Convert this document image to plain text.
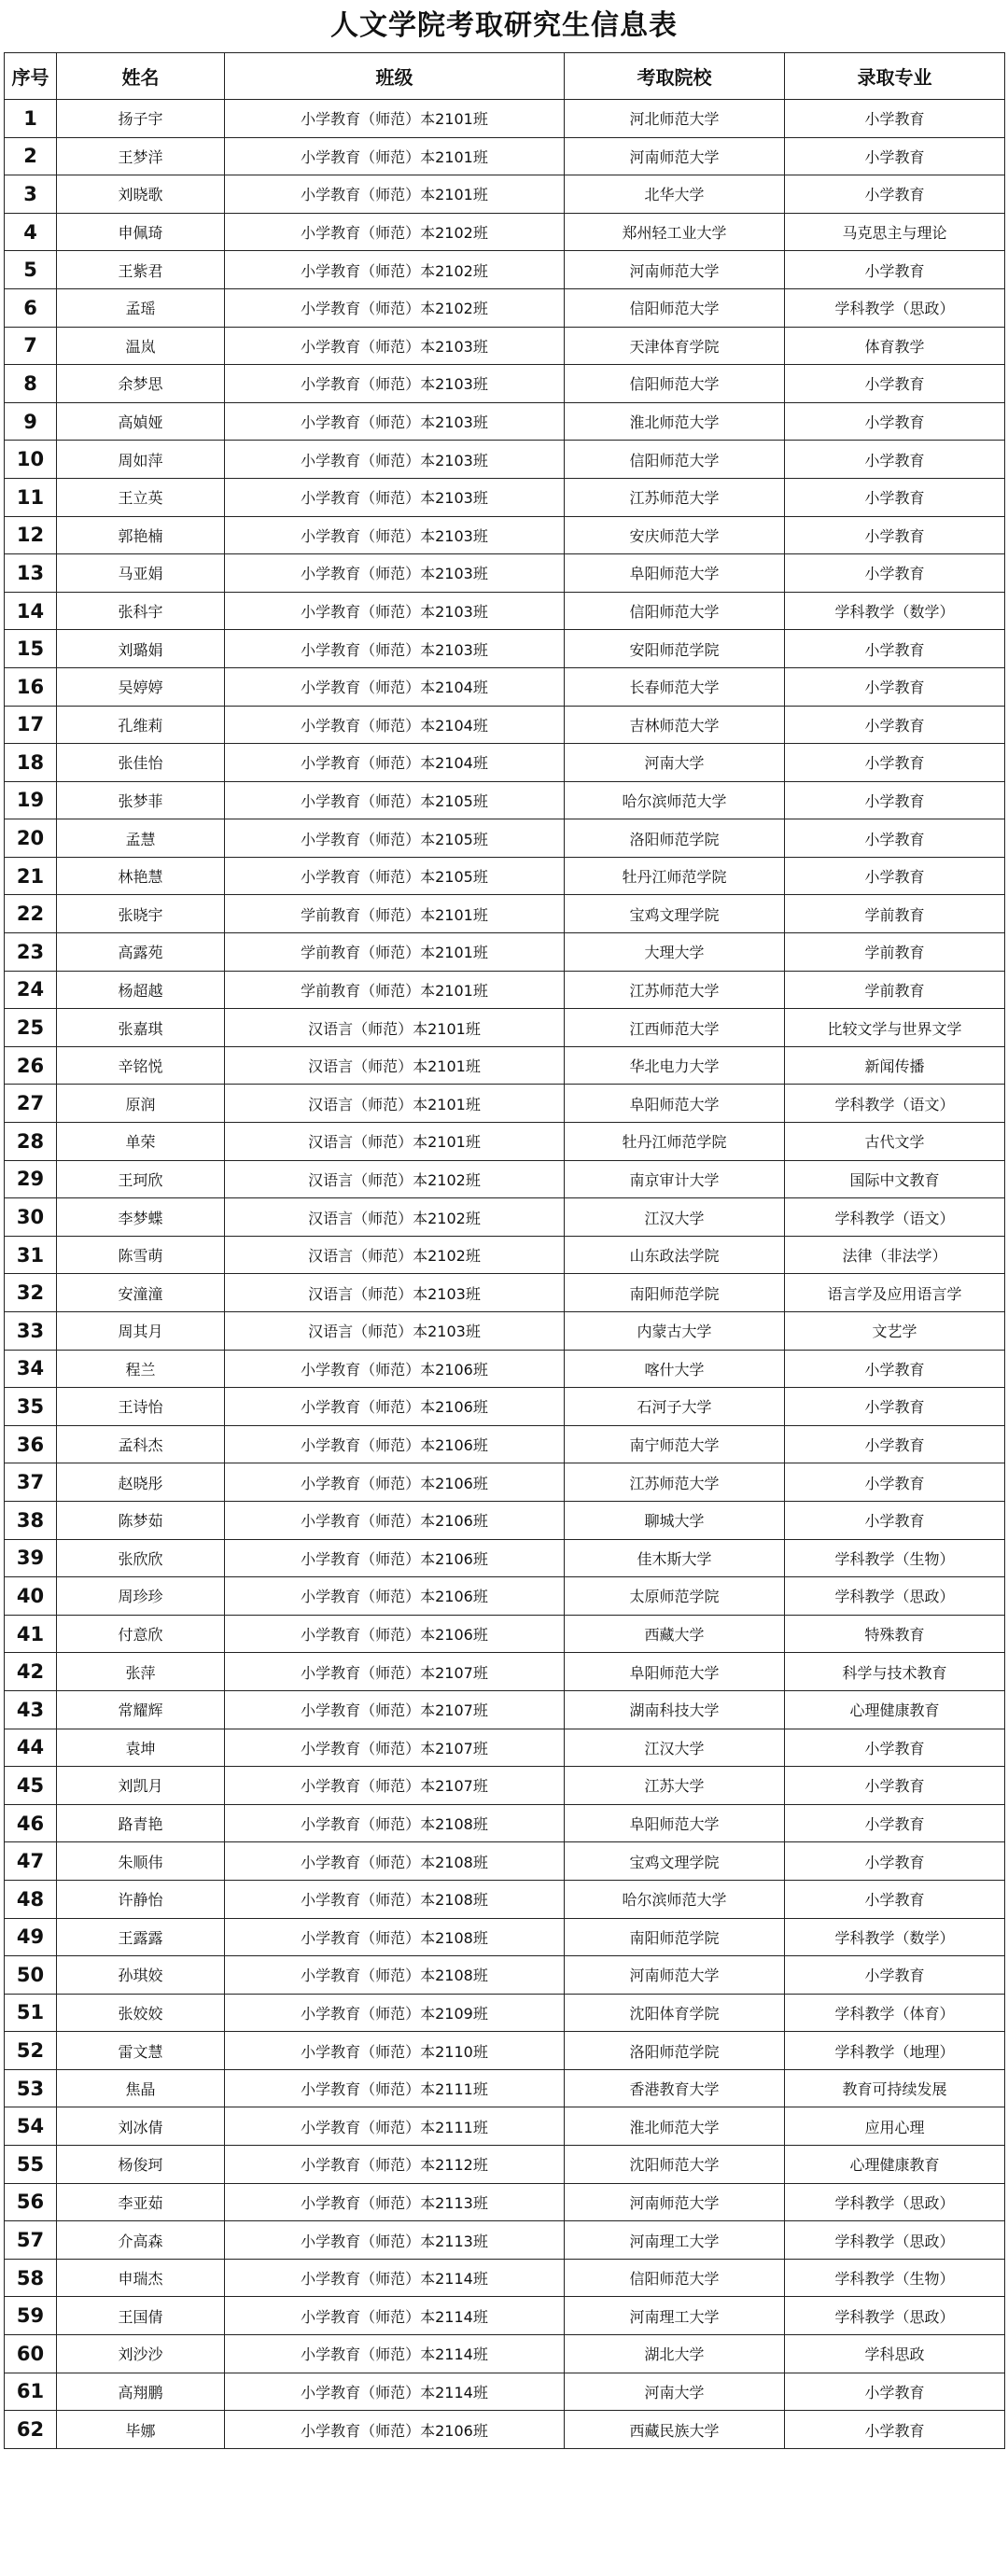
人文学院考取研究生信息表
序号	姓名	班级	考取院校	录取专业
1	扬子宇	小学教育（师范）本2101班	河北师范大学	小学教育
2	王梦洋	小学教育（师范）本2101班	河南师范大学	小学教育
3	刘晓歌	小学教育（师范）本2101班	北华大学	小学教育
4	申佩琦	小学教育（师范）本2102班	郑州轻工业大学	马克思主与理论
5	王紫君	小学教育（师范）本2102班	河南师范大学	小学教育
6	孟瑶	小学教育（师范）本2102班	信阳师范大学	学科教学（思政）
7	温岚	小学教育（师范）本2103班	天津体育学院	体育教学
8	余梦思	小学教育（师范）本2103班	信阳师范大学	小学教育
9	高媜娅	小学教育（师范）本2103班	淮北师范大学	小学教育
10	周如萍	小学教育（师范）本2103班	信阳师范大学	小学教育
11	王立英	小学教育（师范）本2103班	江苏师范大学	小学教育
12	郭艳楠	小学教育（师范）本2103班	安庆师范大学	小学教育
13	马亚娟	小学教育（师范）本2103班	阜阳师范大学	小学教育
14	张科宇	小学教育（师范）本2103班	信阳师范大学	学科教学（数学）
15	刘璐娟	小学教育（师范）本2103班	安阳师范学院	小学教育
16	吴婷婷	小学教育（师范）本2104班	长春师范大学	小学教育
17	孔维莉	小学教育（师范）本2104班	吉林师范大学	小学教育
18	张佳怡	小学教育（师范）本2104班	河南大学	小学教育
19	张梦菲	小学教育（师范）本2105班	哈尔滨师范大学	小学教育
20	孟慧	小学教育（师范）本2105班	洛阳师范学院	小学教育
21	林艳慧	小学教育（师范）本2105班	牡丹江师范学院	小学教育
22	张晓宇	学前教育（师范）本2101班	宝鸡文理学院	学前教育
23	高露苑	学前教育（师范）本2101班	大理大学	学前教育
24	杨超越	学前教育（师范）本2101班	江苏师范大学	学前教育
25	张嘉琪	汉语言（师范）本2101班	江西师范大学	比较文学与世界文学
26	辛铭悦	汉语言（师范）本2101班	华北电力大学	新闻传播
27	原润	汉语言（师范）本2101班	阜阳师范大学	学科教学（语文）
28	单荣	汉语言（师范）本2101班	牡丹江师范学院	古代文学
29	王珂欣	汉语言（师范）本2102班	南京审计大学	国际中文教育
30	李梦蝶	汉语言（师范）本2102班	江汉大学	学科教学（语文）
31	陈雪萌	汉语言（师范）本2102班	山东政法学院	法律（非法学）
32	安潼潼	汉语言（师范）本2103班	南阳师范学院	语言学及应用语言学
33	周其月	汉语言（师范）本2103班	内蒙古大学	文艺学
34	程兰	小学教育（师范）本2106班	喀什大学	小学教育
35	王诗怡	小学教育（师范）本2106班	石河子大学	小学教育
36	孟科杰	小学教育（师范）本2106班	南宁师范大学	小学教育
37	赵晓彤	小学教育（师范）本2106班	江苏师范大学	小学教育
38	陈梦茹	小学教育（师范）本2106班	聊城大学	小学教育
39	张欣欣	小学教育（师范）本2106班	佳木斯大学	学科教学（生物）
40	周珍珍	小学教育（师范）本2106班	太原师范学院	学科教学（思政）
41	付意欣	小学教育（师范）本2106班	西藏大学	特殊教育
42	张萍	小学教育（师范）本2107班	阜阳师范大学	科学与技术教育
43	常耀辉	小学教育（师范）本2107班	湖南科技大学	心理健康教育
44	袁坤	小学教育（师范）本2107班	江汉大学	小学教育
45	刘凯月	小学教育（师范）本2107班	江苏大学	小学教育
46	路青艳	小学教育（师范）本2108班	阜阳师范大学	小学教育
47	朱顺伟	小学教育（师范）本2108班	宝鸡文理学院	小学教育
48	许静怡	小学教育（师范）本2108班	哈尔滨师范大学	小学教育
49	王露露	小学教育（师范）本2108班	南阳师范学院	学科教学（数学）
50	孙琪姣	小学教育（师范）本2108班	河南师范大学	小学教育
51	张姣姣	小学教育（师范）本2109班	沈阳体育学院	学科教学（体育）
52	雷文慧	小学教育（师范）本2110班	洛阳师范学院	学科教学（地理）
53	焦晶	小学教育（师范）本2111班	香港教育大学	教育可持续发展
54	刘冰倩	小学教育（师范）本2111班	淮北师范大学	应用心理
55	杨俊珂	小学教育（师范）本2112班	沈阳师范大学	心理健康教育
56	李亚茹	小学教育（师范）本2113班	河南师范大学	学科教学（思政）
57	介高森	小学教育（师范）本2113班	河南理工大学	学科教学（思政）
58	申瑞杰	小学教育（师范）本2114班	信阳师范大学	学科教学（生物）
59	王国倩	小学教育（师范）本2114班	河南理工大学	学科教学（思政）
60	刘沙沙	小学教育（师范）本2114班	湖北大学	学科思政
61	高翔鹏	小学教育（师范）本2114班	河南大学	小学教育
62	毕娜	小学教育（师范）本2106班	西藏民族大学	小学教育
